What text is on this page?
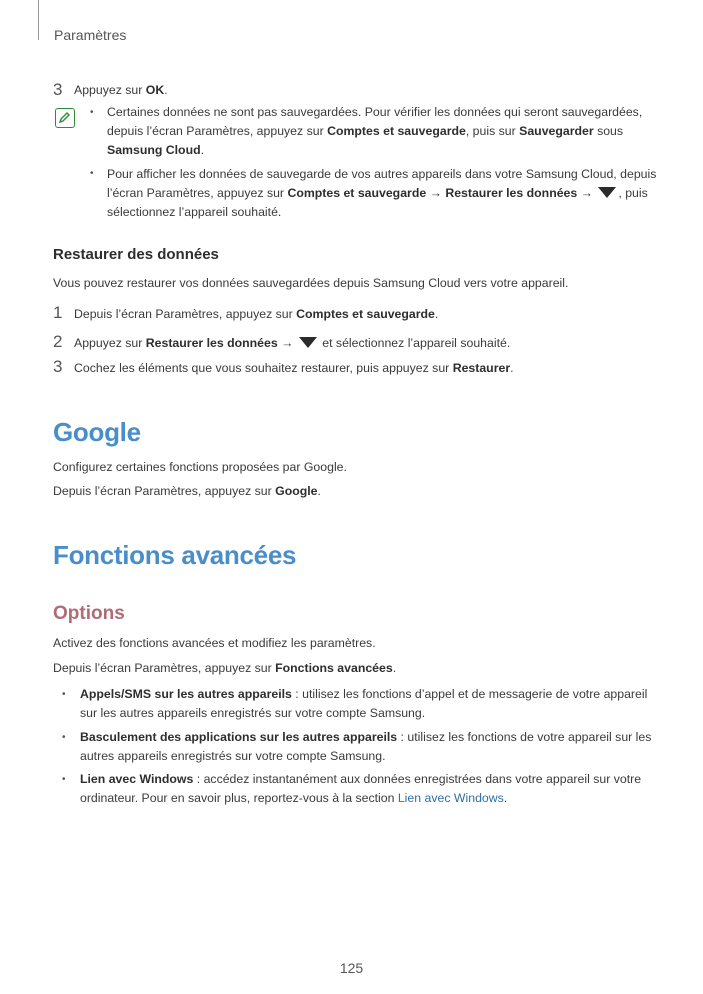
Paramètres
3 Appuyez sur OK.
• Certaines données ne sont pas sauvegardées. Pour vérifier les données qui seront sauvegardées,
depuis l’écran Paramètres, appuyez sur Comptes et sauvegarde, puis sur Sauvegarder sous
Samsung Cloud.
• Pour afficher les données de sauvegarde de vos autres appareils dans votre Samsung Cloud, depuis
l’écran Paramètres, appuyez sur Comptes et sauvegarde → Restaurer les données → , puis
sélectionnez l’appareil souhaité.
Restaurer des données
Vous pouvez restaurer vos données sauvegardées depuis Samsung Cloud vers votre appareil.
1 Depuis l’écran Paramètres, appuyez sur Comptes et sauvegarde.
2 Appuyez sur Restaurer les données →  et sélectionnez l’appareil souhaité.
3 Cochez les éléments que vous souhaitez restaurer, puis appuyez sur Restaurer.
Google
Configurez certaines fonctions proposées par Google.
Depuis l’écran Paramètres, appuyez sur Google.
Fonctions avancées
Options
Activez des fonctions avancées et modifiez les paramètres.
Depuis l’écran Paramètres, appuyez sur Fonctions avancées.
• Appels/SMS sur les autres appareils : utilisez les fonctions d’appel et de messagerie de votre appareil
sur les autres appareils enregistrés sur votre compte Samsung.
• Basculement des applications sur les autres appareils : utilisez les fonctions de votre appareil sur les
autres appareils enregistrés sur votre compte Samsung.
• Lien avec Windows : accédez instantanément aux données enregistrées dans votre appareil sur votre
ordinateur. Pour en savoir plus, reportez-vous à la section Lien avec Windows.
125
